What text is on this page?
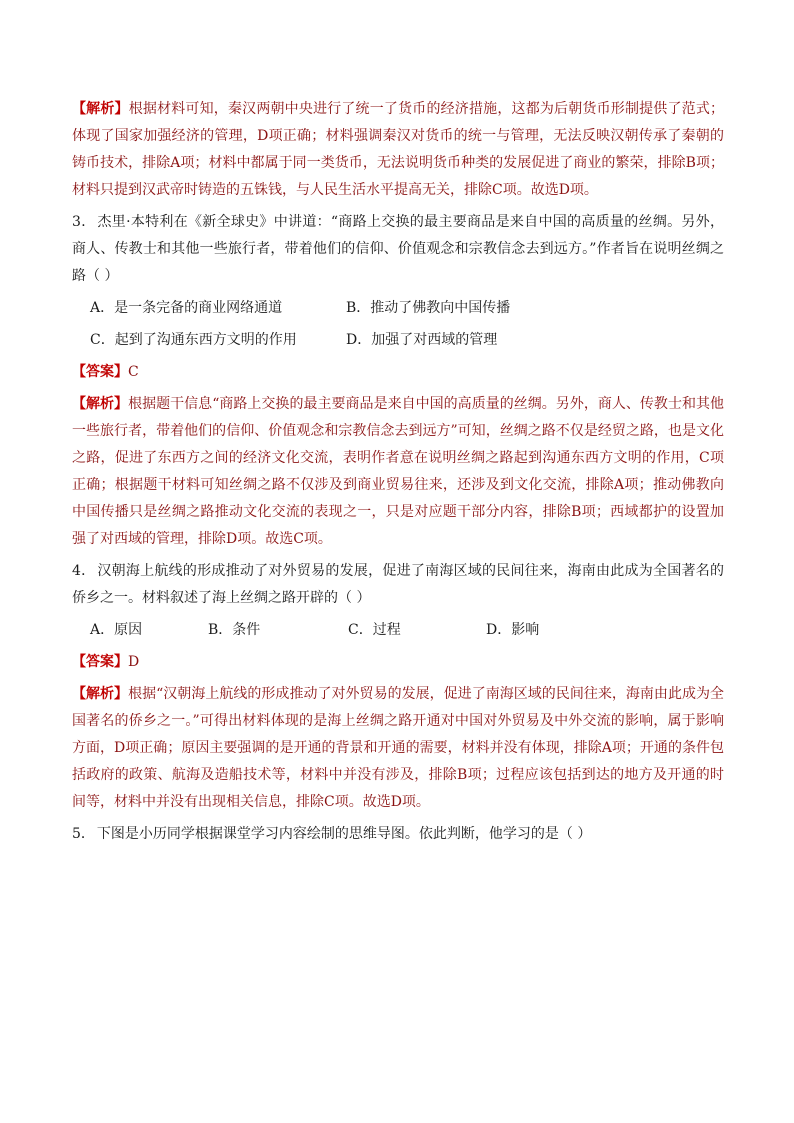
【解析】根据材料可知，秦汉两朝中央进行了统一了货币的经济措施，这都为后朝货币形制提供了范式；体现了国家加强经济的管理，D项正确；材料强调秦汉对货币的统一与管理，无法反映汉朝传承了秦朝的铸币技术，排除A项；材料中都属于同一类货币，无法说明货币种类的发展促进了商业的繁荣，排除B项；材料只提到汉武帝时铸造的五铢钱，与人民生活水平提高无关，排除C项。故选D项。

3． 杰里·本特利在《新全球史》中讲道：“商路上交换的最主要商品是来自中国的高质量的丝绸。另外，商人、传教士和其他一些旅行者，带着他们的信仰、价值观念和宗教信念去到远方。”作者旨在说明丝绸之路（ ）

A．是一条完备的商业网络通道	B．推动了佛教向中国传播
C．起到了沟通东西方文明的作用	D．加强了对西域的管理

【答案】C

【解析】根据题干信息“商路上交换的最主要商品是来自中国的高质量的丝绸。另外，商人、传教士和其他一些旅行者，带着他们的信仰、价值观念和宗教信念去到远方”可知，丝绸之路不仅是经贸之路，也是文化之路，促进了东西方之间的经济文化交流，表明作者意在说明丝绸之路起到沟通东西方文明的作用，C项正确；根据题干材料可知丝绸之路不仅涉及到商业贸易往来，还涉及到文化交流，排除A项；推动佛教向中国传播只是丝绸之路推动文化交流的表现之一，只是对应题干部分内容，排除B项；西域都护的设置加强了对西域的管理，排除D项。故选C项。

4． 汉朝海上航线的形成推动了对外贸易的发展，促进了南海区域的民间往来，海南由此成为全国著名的侨乡之一。材料叙述了海上丝绸之路开辟的（ ）

A．原因	B．条件	C．过程	D．影响

【答案】D

【解析】根据“汉朝海上航线的形成推动了对外贸易的发展，促进了南海区域的民间往来，海南由此成为全国著名的侨乡之一。”可得出材料体现的是海上丝绸之路开通对中国对外贸易及中外交流的影响，属于影响方面，D项正确；原因主要强调的是开通的背景和开通的需要，材料并没有体现，排除A项；开通的条件包括政府的政策、航海及造船技术等，材料中并没有涉及，排除B项；过程应该包括到达的地方及开通的时间等，材料中并没有出现相关信息，排除C项。故选D项。

5． 下图是小历同学根据课堂学习内容绘制的思维导图。依此判断，他学习的是（ ）
